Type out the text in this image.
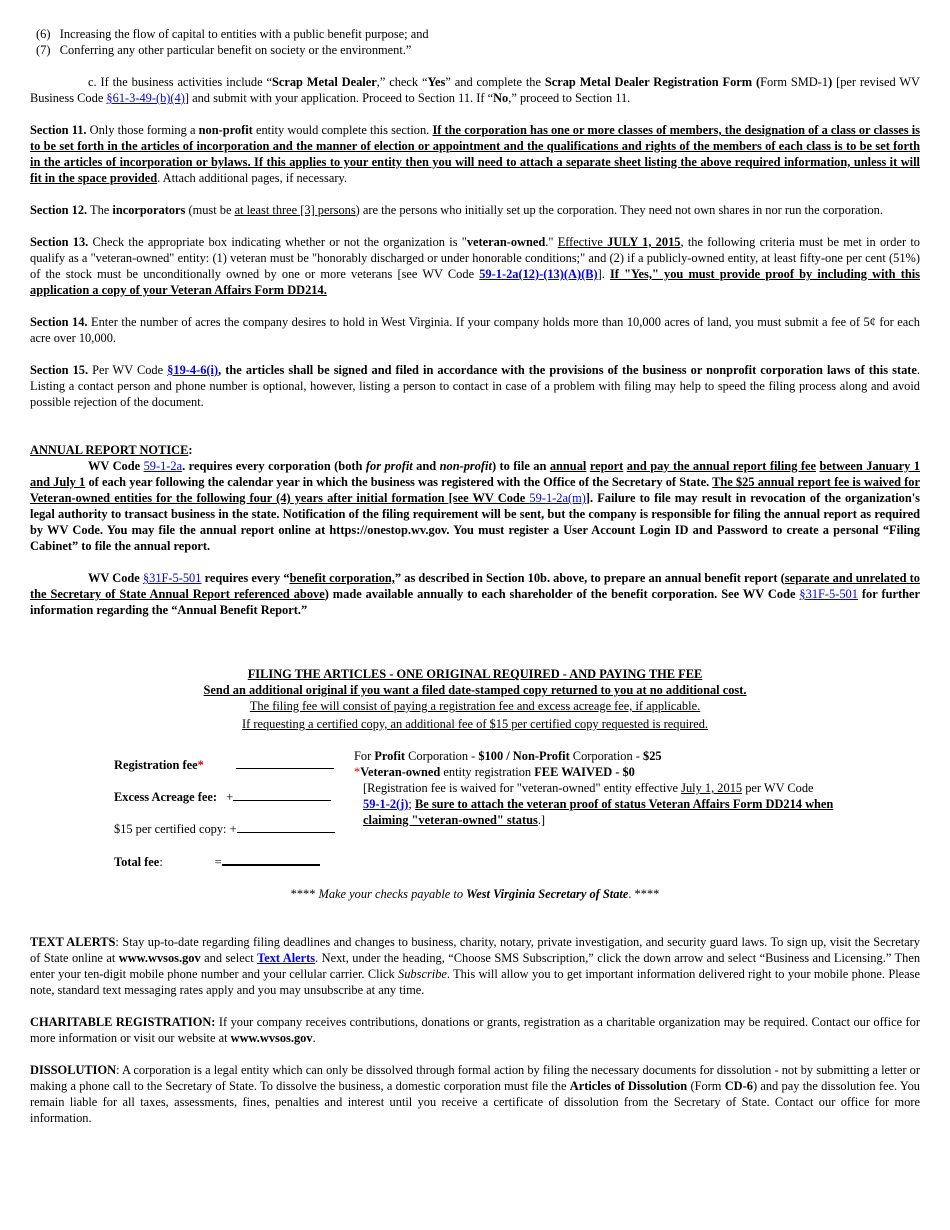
(6) Increasing the flow of capital to entities with a public benefit purpose; and

(7) Conferring any other particular benefit on society or the environment.”

c. If the business activities include “Scrap Metal Dealer,” check “Yes” and complete the Scrap Metal Dealer Registration Form (Form SMD-1) [per revised WV Business Code §61-3-49-(b)(4)] and submit with your application. Proceed to Section 11. If “No,” proceed to Section 11.

Section 11. Only those forming a non-profit entity would complete this section. If the corporation has one or more classes of members, the designation of a class or classes is to be set forth in the articles of incorporation and the manner of election or appointment and the qualifications and rights of the members of each class is to be set forth in the articles of incorporation or bylaws. If this applies to your entity then you will need to attach a separate sheet listing the above required information, unless it will fit in the space provided. Attach additional pages, if necessary.

Section 12. The incorporators (must be at least three [3] persons) are the persons who initially set up the corporation. They need not own shares in nor run the corporation.

Section 13. Check the appropriate box indicating whether or not the organization is "veteran-owned." Effective JULY 1, 2015, the following criteria must be met in order to qualify as a "veteran-owned" entity: (1) veteran must be "honorably discharged or under honorable conditions;" and (2) if a publicly-owned entity, at least fifty-one per cent (51%) of the stock must be unconditionally owned by one or more veterans [see WV Code 59-1-2a(12)-(13)(A)(B)]. If "Yes," you must provide proof by including with this application a copy of your Veteran Affairs Form DD214.

Section 14. Enter the number of acres the company desires to hold in West Virginia. If your company holds more than 10,000 acres of land, you must submit a fee of 5¢ for each acre over 10,000.

Section 15. Per WV Code §19-4-6(i), the articles shall be signed and filed in accordance with the provisions of the business or nonprofit corporation laws of this state. Listing a contact person and phone number is optional, however, listing a person to contact in case of a problem with filing may help to speed the filing process along and avoid possible rejection of the document.

ANNUAL REPORT NOTICE:

WV Code 59-1-2a. requires every corporation (both for profit and non-profit) to file an annual report and pay the annual report filing fee between January 1 and July 1 of each year following the calendar year in which the business was registered with the Office of the Secretary of State. The $25 annual report fee is waived for Veteran-owned entities for the following four (4) years after initial formation [see WV Code 59-1-2a(m)]. Failure to file may result in revocation of the organization's legal authority to transact business in the state. Notification of the filing requirement will be sent, but the company is responsible for filing the annual report as required by WV Code. You may file the annual report online at https://onestop.wv.gov. You must register a User Account Login ID and Password to create a personal “Filing Cabinet” to file the annual report.

WV Code §31F-5-501 requires every “benefit corporation,” as described in Section 10b. above, to prepare an annual benefit report (separate and unrelated to the Secretary of State Annual Report referenced above) made available annually to each shareholder of the benefit corporation. See WV Code §31F-5-501 for further information regarding the “Annual Benefit Report.”

FILING THE ARTICLES - ONE ORIGINAL REQUIRED - AND PAYING THE FEE

Send an additional original if you want a filed date-stamped copy returned to you at no additional cost.

The filing fee will consist of paying a registration fee and excess acreage fee, if applicable.

If requesting a certified copy, an additional fee of $15 per certified copy requested is required.

Registration fee*
Excess Acreage fee: +
$15 per certified copy: +
Total fee:	=

For Profit Corporation - $100 / Non-Profit Corporation - $25

*Veteran-owned entity registration FEE WAIVED - $0

[Registration fee is waived for "veteran-owned" entity effective July 1, 2015 per WV Code
59-1-2(j); Be sure to attach the veteran proof of status Veteran Affairs Form DD214 when claiming "veteran-owned" status.]

**** Make your checks payable to West Virginia Secretary of State. ****

TEXT ALERTS: Stay up-to-date regarding filing deadlines and changes to business, charity, notary, private investigation, and security guard laws. To sign up, visit the Secretary of State online at www.wvsos.gov and select Text Alerts. Next, under the heading, “Choose SMS Subscription,” click the down arrow and select “Business and Licensing.” Then enter your ten-digit mobile phone number and your cellular carrier. Click Subscribe. This will allow you to get important information delivered right to your mobile phone. Please note, standard text messaging rates apply and you may unsubscribe at any time.

CHARITABLE REGISTRATION: If your company receives contributions, donations or grants, registration as a charitable organization may be required. Contact our office for more information or visit our website at www.wvsos.gov.

DISSOLUTION: A corporation is a legal entity which can only be dissolved through formal action by filing the necessary documents for dissolution - not by submitting a letter or making a phone call to the Secretary of State. To dissolve the business, a domestic corporation must file the Articles of Dissolution (Form CD-6) and pay the dissolution fee. You remain liable for all taxes, assessments, fines, penalties and interest until you receive a certificate of dissolution from the Secretary of State. Contact our office for more information.
